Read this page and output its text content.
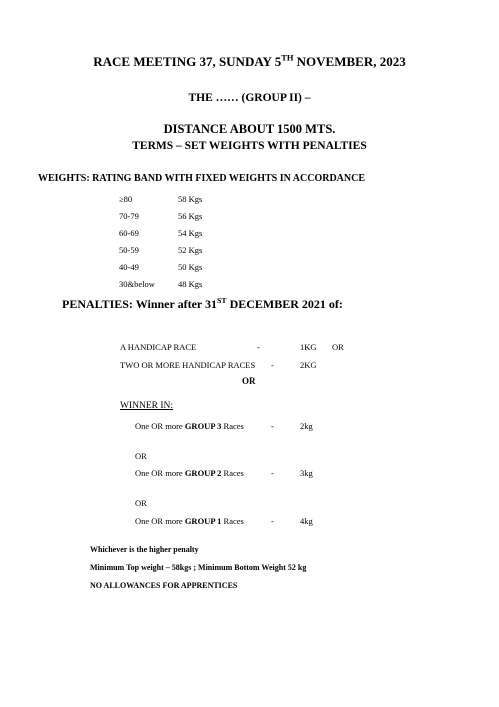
RACE MEETING 37, SUNDAY 5TH NOVEMBER, 2023
THE …… (GROUP II) –
DISTANCE ABOUT 1500 MTS.
TERMS – SET WEIGHTS WITH PENALTIES
WEIGHTS: RATING BAND WITH FIXED WEIGHTS IN ACCORDANCE
≥80	58 Kgs
70-79	56 Kgs
60-69	54 Kgs
50-59	52 Kgs
40-49	50 Kgs
30&below	48 Kgs
PENALTIES: Winner after 31ST DECEMBER 2021 of:
A HANDICAP RACE	-	1KG OR
TWO OR MORE HANDICAP RACES -	2KG
OR
WINNER IN:
One OR more GROUP 3 Races	-	2kg
OR
One OR more GROUP 2 Races	-	3kg
OR
One OR more GROUP 1 Races	-	4kg
Whichever is the higher penalty
Minimum Top weight – 58kgs ; Minimum Bottom Weight 52 kg
NO ALLOWANCES FOR APPRENTICES
